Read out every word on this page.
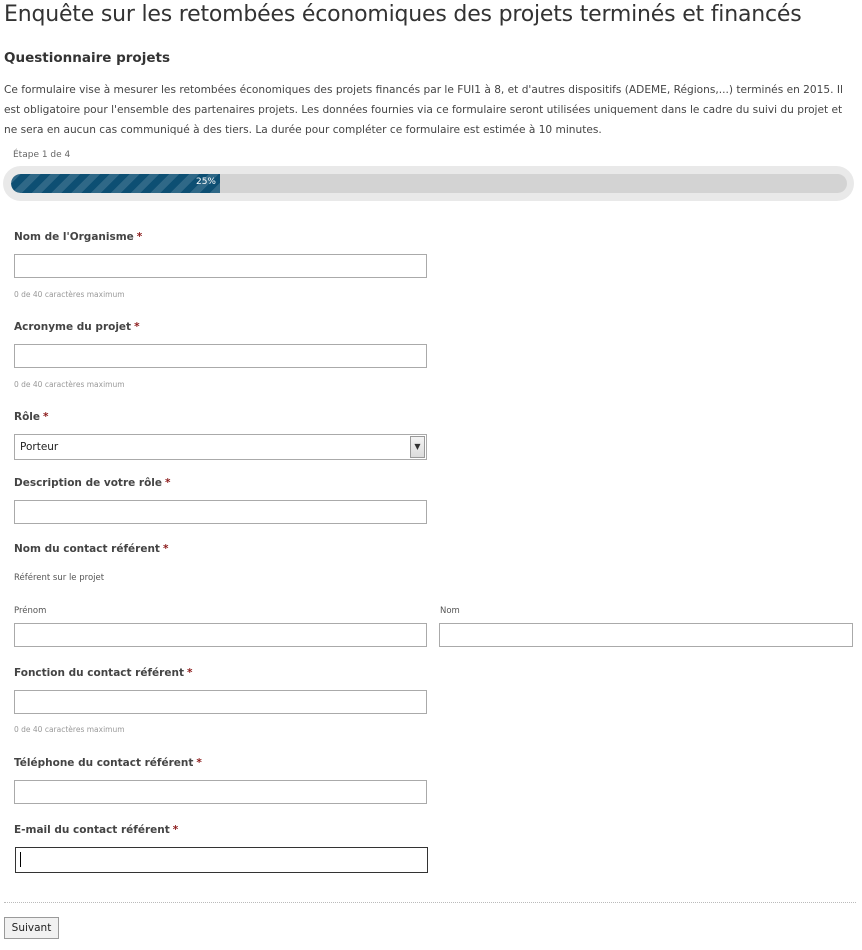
Enquête sur les retombées économiques des projets terminés et financés
Questionnaire projets

Ce formulaire vise à mesurer les retombées économiques des projets financés par le FUI1 à 8, et d'autres dispositifs (ADEME, Régions,...) terminés en 2015. Il est obligatoire pour l'ensemble des partenaires projets. Les données fournies via ce formulaire seront utilisées uniquement dans le cadre du suivi du projet et ne sera en aucun cas communiqué à des tiers. La durée pour compléter ce formulaire est estimée à 10 minutes.

Étape 1 de 4
25%
Nom de l'Organisme *
0 de 40 caractères maximum
Acronyme du projet *
0 de 40 caractères maximum
Rôle *
Porteur	▼
Description de votre rôle *
Nom du contact référent *
Référent sur le projet
Prénom	Nom
Fonction du contact référent *
0 de 40 caractères maximum
Téléphone du contact référent *
E-mail du contact référent *
Suivant
